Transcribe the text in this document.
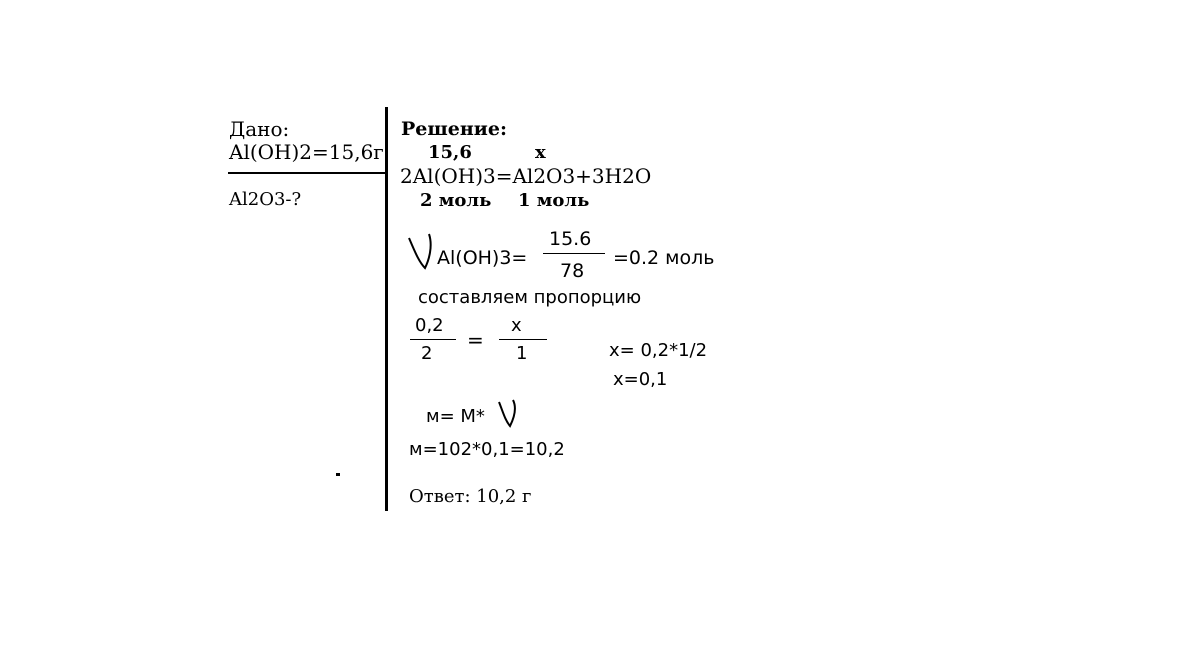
Дано:
Al(OH)2=15,6г
Al2O3-?
Решение:
15,6	x
2Al(OH)3=Al2O3+3H2O
2 моль 1 моль
Al(OH)3=
15.6
78
=0.2 моль
составляем пропорцию
0,2
2
=
x
1	x= 0,2*1/2
x=0,1
м= M*
м=102*0,1=10,2
Ответ: 10,2 г
